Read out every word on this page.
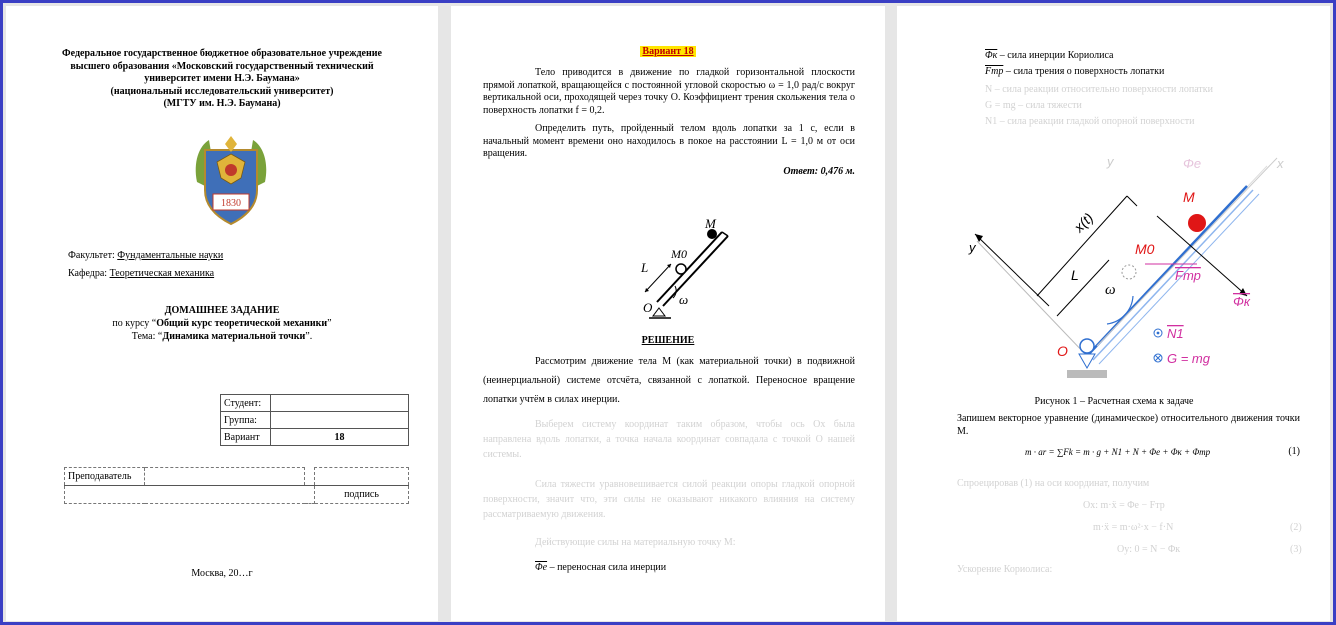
Федеральное государственное бюджетное образовательное учреждение
высшего образования «Московский государственный технический
университет имени Н.Э. Баумана»
(национальный исследовательский университет)
(МГТУ им. Н.Э. Баумана)
1830
Факультет: Фундаментальные науки
Кафедра: Теоретическая механика
ДОМАШНЕЕ ЗАДАНИЕ
по курсу “Общий курс теоретической механики”
Тема: “Динамика материальной точки”.
Студент:	
Группа:	
Вариант	18
Преподаватель			
			подпись
Москва, 20…г
Вариант 18
Тело приводится в движение по гладкой горизонтальной плоскости прямой лопаткой, вращающейся с постоянной угловой скоростью ω = 1,0 рад/с вокруг вертикальной оси, проходящей через точку O. Коэффициент трения скольжения тела о поверхность лопатки f = 0,2.
Определить путь, пройденный телом вдоль лопатки за 1 с, если в начальный момент времени оно находилось в покое на расстоянии L = 1,0 м от оси вращения.
Ответ: 0,476 м.
M
M0
L
O
ω
РЕШЕНИЕ
Рассмотрим движение тела M (как материальной точки) в подвижной (неинерциальной) системе отсчёта, связанной с лопаткой. Переносное вращение лопатки учтём в силах инерции.
Выберем систему координат таким образом, чтобы ось Ox была направлена вдоль лопатки, а точка начала координат совпадала с точкой O нашей системы.
Сила тяжести уравновешивается силой реакции опоры гладкой опорной поверхности, значит что, эти силы не оказывают никакого влияния на систему рассматриваемую движения.
Действующие силы на материальную точку M:
$\overline{\Phi e}$ – переносная сила инерции
Φк – сила инерции Кориолиса
Fтр – сила трения о поверхность лопатки
N – сила реакции относительно поверхности лопатки
G = mg – сила тяжести
N1 – сила реакции гладкой опорной поверхности
y
y	x
x(t)
M
M0
L
ω
O
Fтр
Φк
Φe
N1
G = mg
Рисунок 1 – Расчетная схема к задаче
Запишем векторное уравнение (динамическое) относительного движения точки M.
m · ar = ∑Fk = m · g + N1 + N + Φe + Φк + Φтр	(1)
Спроецировав (1) на оси координат, получим
Ox: m·ẍ = Φe − Fтр
m·ẍ = m·ω²·x − f·N	(2)
Oy: 0 = N − Φк	(3)
Ускорение Кориолиса:
